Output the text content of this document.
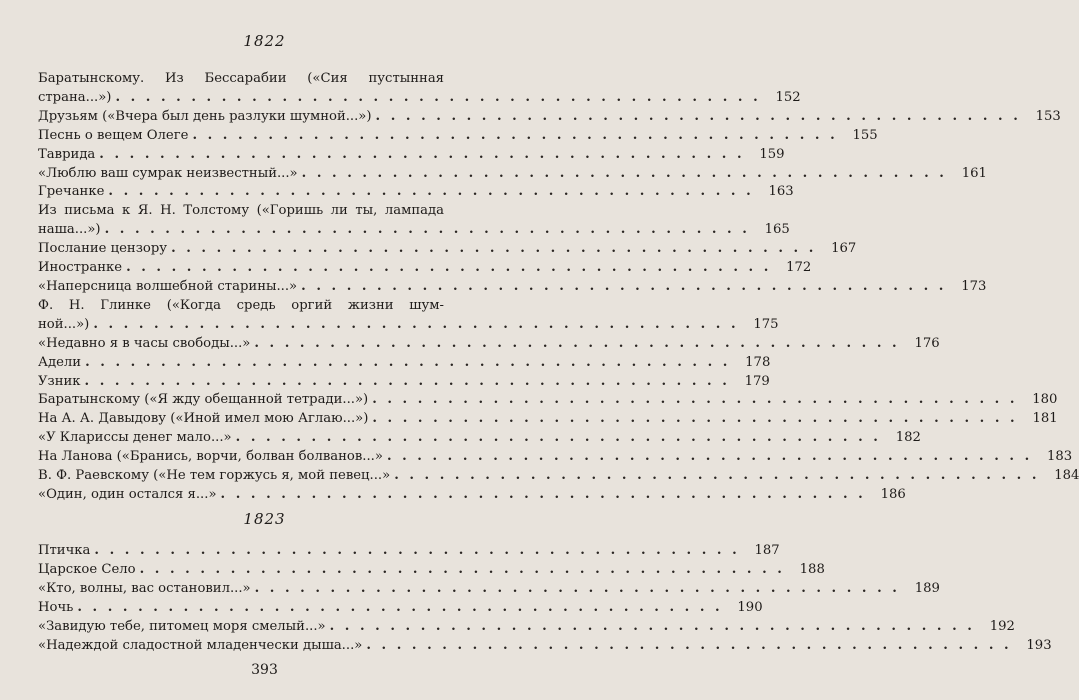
1822
Баратынскому. Из Бессарабии («Сия пустынная
страна...») . . . . . . . . . . . . . . . . . . . . . . . . . . . . . . . . . . . . . . . . . . .	152
Друзьям («Вчера был день разлуки шумной...») . . . . . . . . . . . . . . . . . . . . . . . . . . . . . . . . . . . . . . . . . . .	153
Песнь о вещем Олеге . . . . . . . . . . . . . . . . . . . . . . . . . . . . . . . . . . . . . . . . . . .	155
Таврида . . . . . . . . . . . . . . . . . . . . . . . . . . . . . . . . . . . . . . . . . . .	159
«Люблю ваш сумрак неизвестный...» . . . . . . . . . . . . . . . . . . . . . . . . . . . . . . . . . . . . . . . . . . .	161
Гречанке . . . . . . . . . . . . . . . . . . . . . . . . . . . . . . . . . . . . . . . . . . .	163
Из письма к Я. Н. Толстому («Горишь ли ты, лампада
наша...») . . . . . . . . . . . . . . . . . . . . . . . . . . . . . . . . . . . . . . . . . . .	165
Послание цензору . . . . . . . . . . . . . . . . . . . . . . . . . . . . . . . . . . . . . . . . . . .	167
Иностранке . . . . . . . . . . . . . . . . . . . . . . . . . . . . . . . . . . . . . . . . . . .	172
«Наперсница волшебной старины...» . . . . . . . . . . . . . . . . . . . . . . . . . . . . . . . . . . . . . . . . . . .	173
Ф. Н. Глинке («Когда средь оргий жизни шум-
ной...») . . . . . . . . . . . . . . . . . . . . . . . . . . . . . . . . . . . . . . . . . . .	175
«Недавно я в часы свободы...» . . . . . . . . . . . . . . . . . . . . . . . . . . . . . . . . . . . . . . . . . . .	176
Адели . . . . . . . . . . . . . . . . . . . . . . . . . . . . . . . . . . . . . . . . . . .	178
Узник . . . . . . . . . . . . . . . . . . . . . . . . . . . . . . . . . . . . . . . . . . .	179
Баратынскому («Я жду обещанной тетради...») . . . . . . . . . . . . . . . . . . . . . . . . . . . . . . . . . . . . . . . . . . .	180
На А. А. Давыдову («Иной имел мою Аглаю...») . . . . . . . . . . . . . . . . . . . . . . . . . . . . . . . . . . . . . . . . . . .	181
«У Клариссы денег мало...» . . . . . . . . . . . . . . . . . . . . . . . . . . . . . . . . . . . . . . . . . . .	182
На Ланова («Бранись, ворчи, болван болванов...» . . . . . . . . . . . . . . . . . . . . . . . . . . . . . . . . . . . . . . . . . . .	183
В. Ф. Раевскому («Не тем горжусь я, мой певец...» . . . . . . . . . . . . . . . . . . . . . . . . . . . . . . . . . . . . . . . . . . .	184
«Один, один остался я...» . . . . . . . . . . . . . . . . . . . . . . . . . . . . . . . . . . . . . . . . . . .	186
1823
Птичка . . . . . . . . . . . . . . . . . . . . . . . . . . . . . . . . . . . . . . . . . . .	187
Царское Село . . . . . . . . . . . . . . . . . . . . . . . . . . . . . . . . . . . . . . . . . . .	188
«Кто, волны, вас остановил...» . . . . . . . . . . . . . . . . . . . . . . . . . . . . . . . . . . . . . . . . . . .	189
Ночь . . . . . . . . . . . . . . . . . . . . . . . . . . . . . . . . . . . . . . . . . . .	190
«Завидую тебе, питомец моря смелый...» . . . . . . . . . . . . . . . . . . . . . . . . . . . . . . . . . . . . . . . . . . .	192
«Надеждой сладостной младенчески дыша...» . . . . . . . . . . . . . . . . . . . . . . . . . . . . . . . . . . . . . . . . . . .	193
393
